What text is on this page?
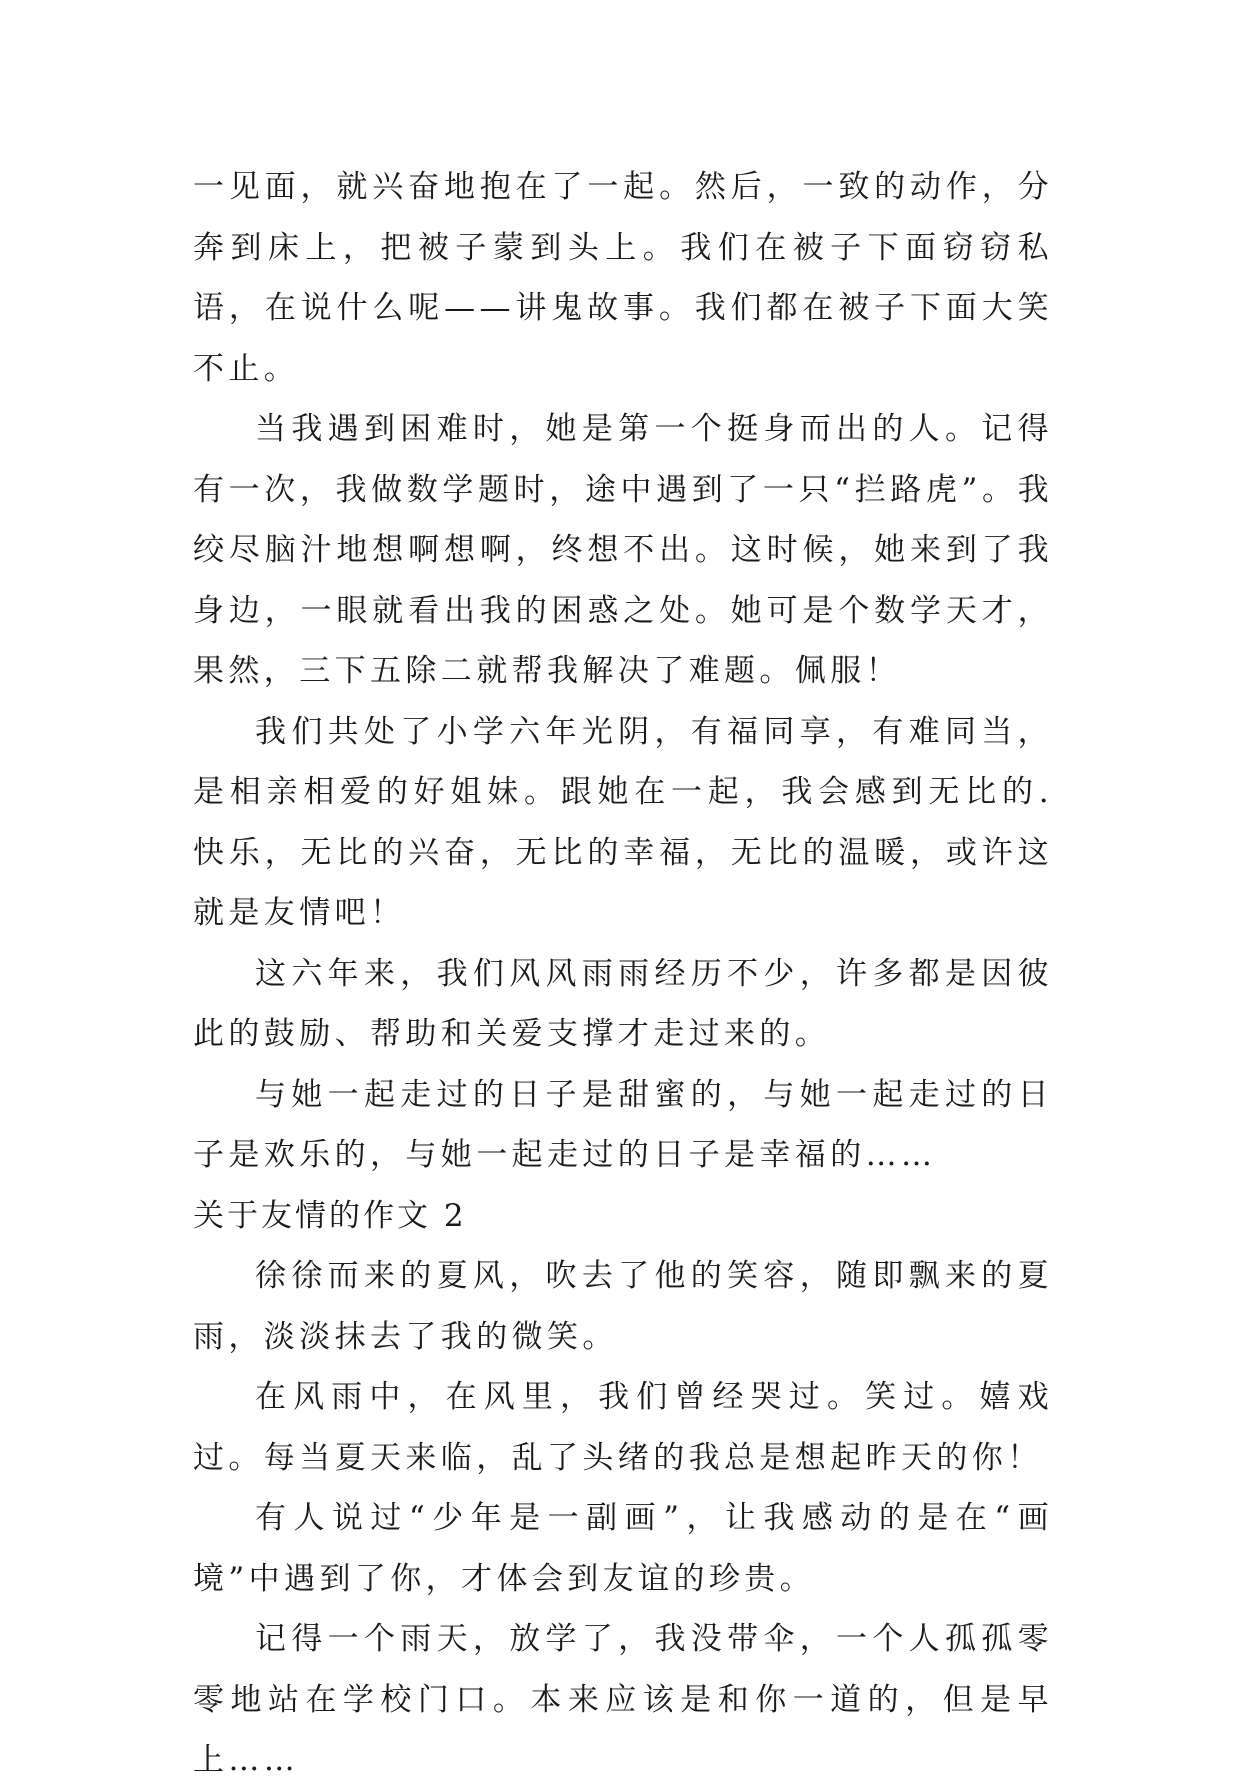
一见面，就兴奋地抱在了一起。然后，一致的动作，分奔到床上，把被子蒙到头上。我们在被子下面窃窃私语，在说什么呢——讲鬼故事。我们都在被子下面大笑不止。

当我遇到困难时，她是第一个挺身而出的人。记得有一次，我做数学题时，途中遇到了一只“拦路虎”。我绞尽脑汁地想啊想啊，终想不出。这时候，她来到了我身边，一眼就看出我的困惑之处。她可是个数学天才，果然，三下五除二就帮我解决了难题。佩服！

我们共处了小学六年光阴，有福同享，有难同当，是相亲相爱的好姐妹。跟她在一起，我会感到无比的.快乐，无比的兴奋，无比的幸福，无比的温暖，或许这就是友情吧！

这六年来，我们风风雨雨经历不少，许多都是因彼此的鼓励、帮助和关爱支撑才走过来的。

与她一起走过的日子是甜蜜的，与她一起走过的日子是欢乐的，与她一起走过的日子是幸福的……

关于友情的作文 2

徐徐而来的夏风，吹去了他的笑容，随即飘来的夏雨，淡淡抹去了我的微笑。

在风雨中，在风里，我们曾经哭过。笑过。嬉戏过。每当夏天来临，乱了头绪的我总是想起昨天的你！

有人说过“少年是一副画”，让我感动的是在“画境”中遇到了你，才体会到友谊的珍贵。

记得一个雨天，放学了，我没带伞，一个人孤孤零零地站在学校门口。本来应该是和你一道的，但是早上……
